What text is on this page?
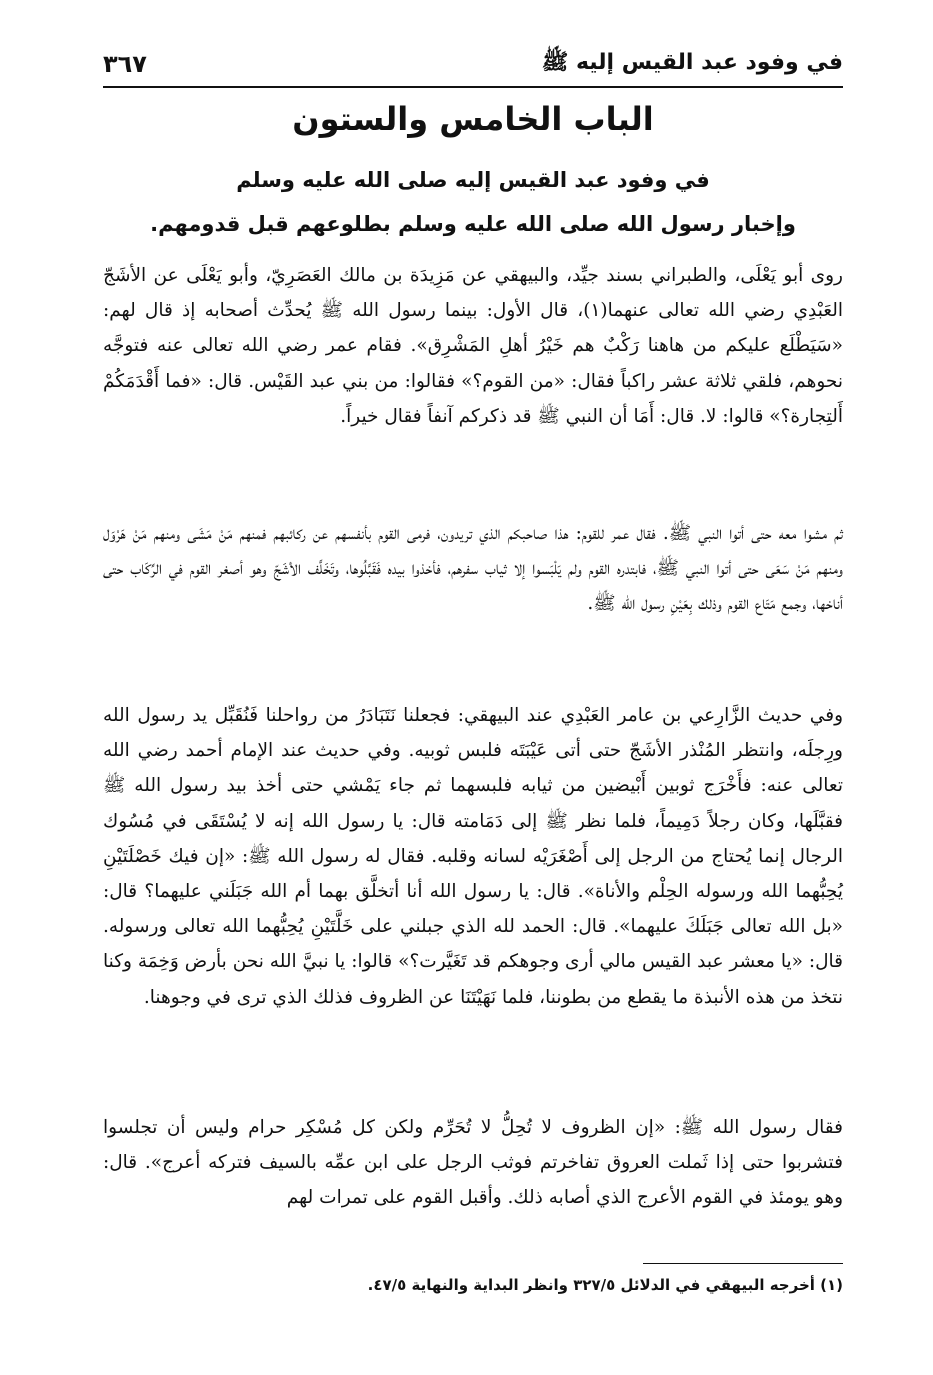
في وفود عبد القيس إليه ﷺ
٣٦٧
الباب الخامس والستون
في وفود عبد القيس إليه صلى الله عليه وسلم
وإخبار رسول الله صلى الله عليه وسلم بطلوعهم قبل قدومهم.

روى أبو يَعْلَى، والطبراني بسند جيِّد، والبيهقي عن مَزِيدَة بن مالك العَصَرِيّ، وأبو يَعْلَى عن الأشَجّ العَبْدِي رضي الله تعالى عنهما(١)، قال الأول: بينما رسول الله ﷺ يُحدِّث أصحابه إذ قال لهم: «سَيَطْلَع عليكم من هاهنا رَكْبٌ هم خَيْرُ أهلِ المَشْرِق». فقام عمر رضي الله تعالى عنه فتوجَّه نحوهم، فلقي ثلاثة عشر راكباً فقال: «من القوم؟» فقالوا: من بني عبد القَيْس. قال: «فما أَقْدَمَكُمْ أَلتِجارة؟» قالوا: لا. قال: أَمَا أن النبي ﷺ قد ذكركم آنفاً فقال خيراً.

ثم مشوا معه حتى أتوا النبي ﷺ. فقال عمر للقوم: هذا صاحبكم الذي تريدون، فرمى القوم بأنفسهم عن ركائبهم فمنهم مَنْ مَشَى ومنهم مَنْ هَرْوَل ومنهم مَنْ سَعَى حتى أتوا النبي ﷺ، فابتدره القوم ولم يَلْبَسوا إلا ثياب سفرهم، فأخذوا بيده فَقَبَّلُوها، وتَخَلَّف الأشَجّ وهو أصغر القوم في الرِّكَاب حتى أناخها، وجمع مَتَاع القوم وذلك بِعَيْنِ رسول الله ﷺ.

وفي حديث الزَّارِعي بن عامر العَبْدِي عند البيهقي: فجعلنا نَتَبَادَرُ من رواحلنا فَنُقَبِّل يد رسول الله ورِجلَه، وانتظر المُنْذر الأشَجّ حتى أتى عَيْبَتَه فلبس ثوبيه. وفي حديث عند الإمام أحمد رضي الله تعالى عنه: فأَخْرَج ثوبين أَبْيضين من ثيابه فلبسهما ثم جاء يَمْشي حتى أخذ بيد رسول الله ﷺ فقبَّلَها، وكان رجلاً دَمِيماً، فلما نظر ﷺ إلى دَمَامته قال: يا رسول الله إنه لا يُسْتَقَى في مُسُوك الرجال إنما يُحتاج من الرجل إلى أَصْغَرَيْه لسانه وقلبه. فقال له رسول الله ﷺ: «إن فيك خَصْلَتَيْنِ يُحِبُّهما الله ورسوله الحِلْم والأناة». قال: يا رسول الله أنا أتخلَّق بهما أم الله جَبَلَني عليهما؟ قال: «بل الله تعالى جَبَلَكَ عليهما». قال: الحمد لله الذي جبلني على خَلَّتَيْنِ يُحِبُّهما الله تعالى ورسوله. قال: «يا معشر عبد القيس مالي أرى وجوهكم قد تَغَيَّرت؟» قالوا: يا نبيَّ الله نحن بأرض وَخِمَة وكنا نتخذ من هذه الأنبذة ما يقطع من بطوننا، فلما نَهَيْتَنَا عن الظروف فذلك الذي ترى في وجوهنا.

فقال رسول الله ﷺ: «إن الظروف لا تُحِلُّ لا تُحَرِّم ولكن كل مُسْكِر حرام وليس أن تجلسوا فتشربوا حتى إذا ثَملت العروق تفاخرتم فوثب الرجل على ابن عمِّه بالسيف فتركه أعرج». قال: وهو يومئذ في القوم الأعرج الذي أصابه ذلك. وأقبل القوم على تمرات لهم

(١) أخرجه البيهقي في الدلائل ٣٢٧/٥ وانظر البداية والنهاية ٤٧/٥.
